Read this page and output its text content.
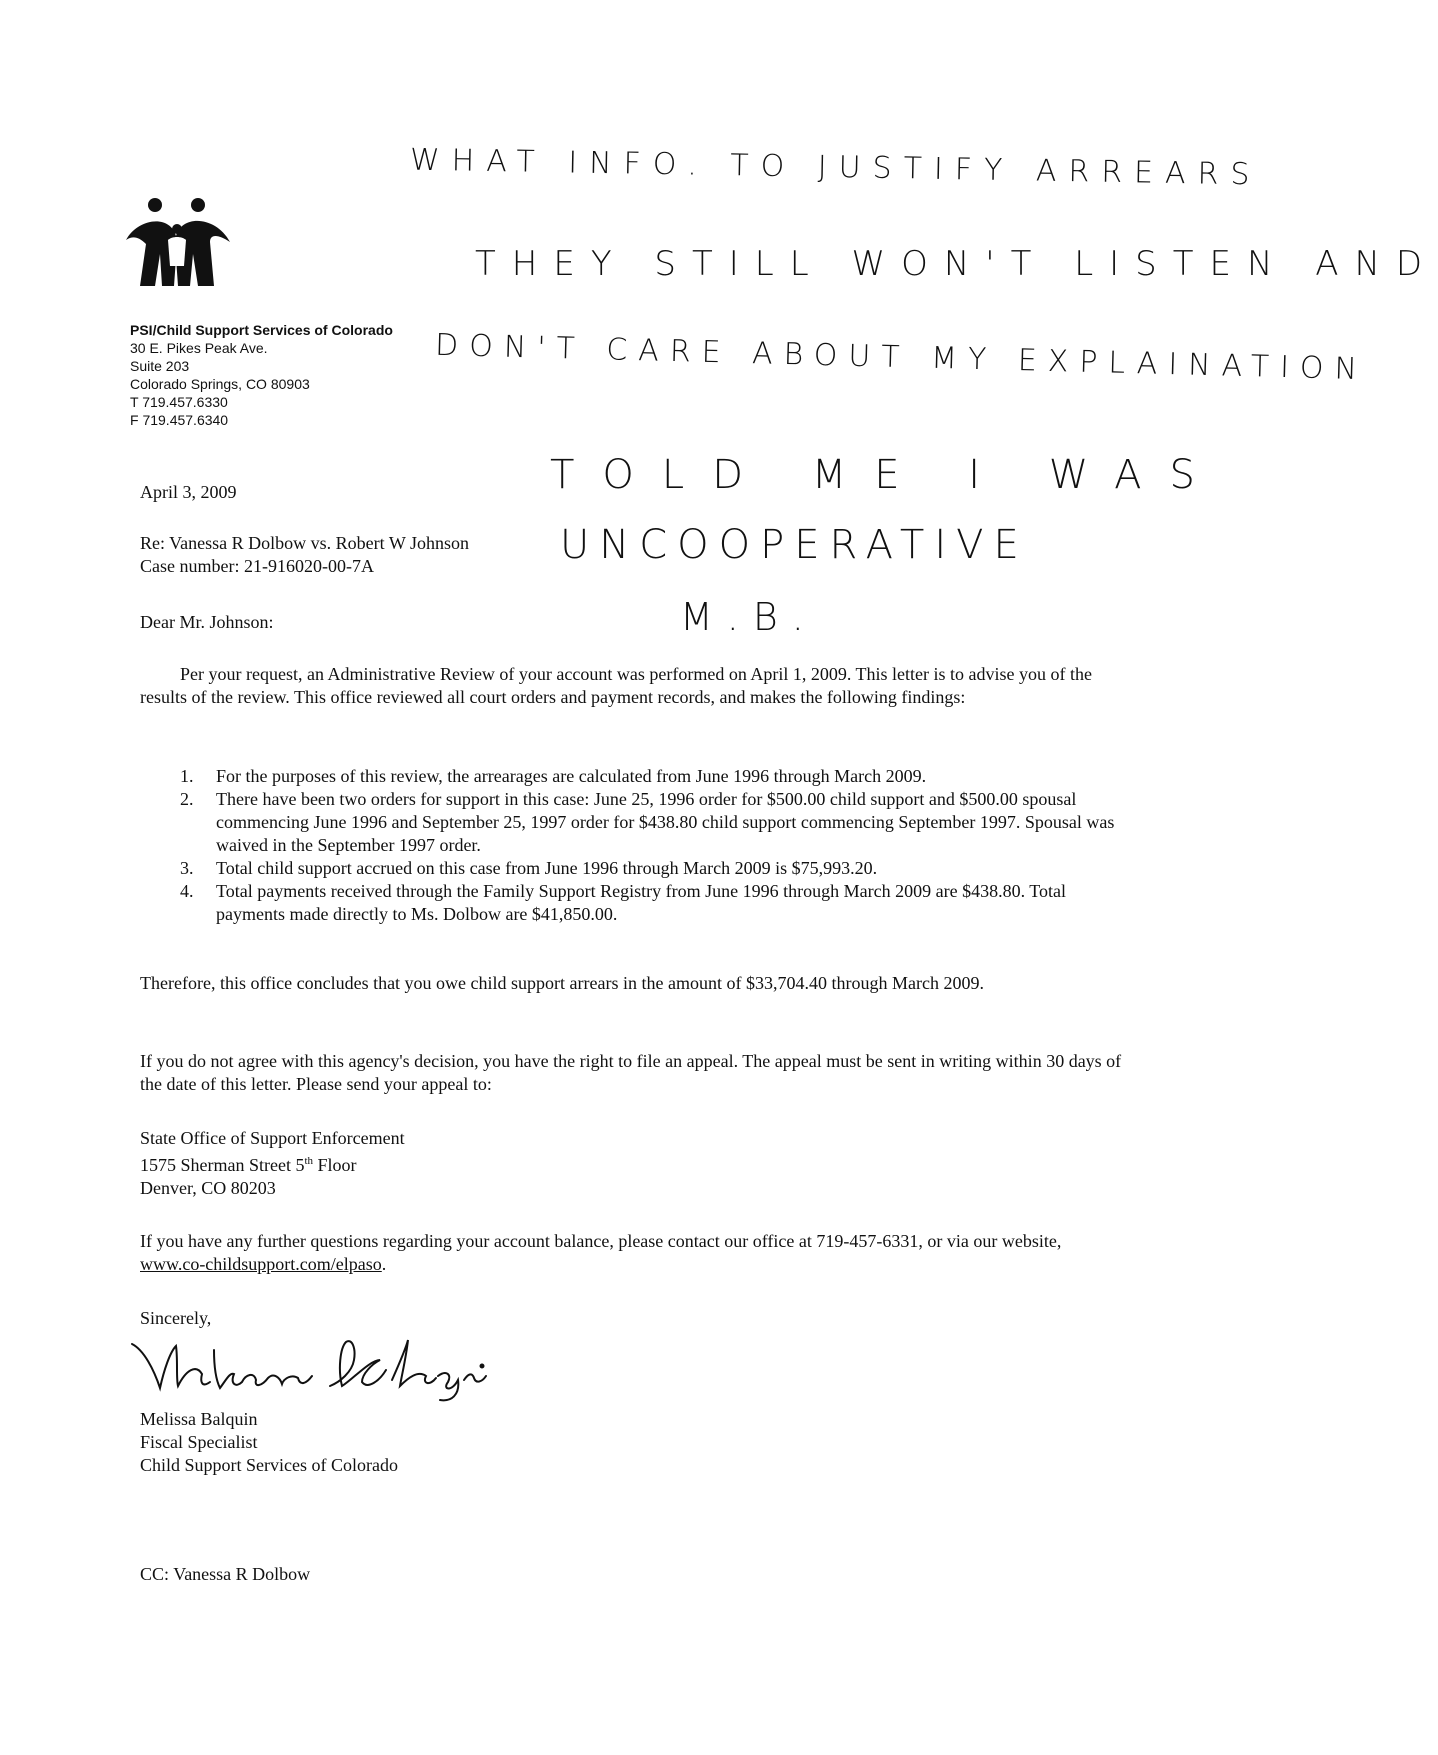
WHAT INFO. TO JUSTIFY ARREARS
THEY STILL WON'T LISTEN AND
DON'T CARE ABOUT MY EXPLAINATION
TOLD ME I WAS
UNCOOPERATIVE
M.B.
PSI/Child Support Services of Colorado
30 E. Pikes Peak Ave.
Suite 203
Colorado Springs, CO 80903
T 719.457.6330
F 719.457.6340
April 3, 2009
Re: Vanessa R Dolbow vs. Robert W Johnson
Case number: 21-916020-00-7A
Dear Mr. Johnson:
Per your request, an Administrative Review of your account was performed on April 1, 2009. This letter is to advise you of the results of the review. This office reviewed all court orders and payment records, and makes the following findings:
1. For the purposes of this review, the arrearages are calculated from June 1996 through March 2009.
2. There have been two orders for support in this case: June 25, 1996 order for $500.00 child support and $500.00 spousal commencing June 1996 and September 25, 1997 order for $438.80 child support commencing September 1997. Spousal was waived in the September 1997 order.
3. Total child support accrued on this case from June 1996 through March 2009 is $75,993.20.
4. Total payments received through the Family Support Registry from June 1996 through March 2009 are $438.80. Total payments made directly to Ms. Dolbow are $41,850.00.
Therefore, this office concludes that you owe child support arrears in the amount of $33,704.40 through March 2009.
If you do not agree with this agency's decision, you have the right to file an appeal. The appeal must be sent in writing within 30 days of the date of this letter. Please send your appeal to:
State Office of Support Enforcement
1575 Sherman Street 5th Floor
Denver, CO 80203
If you have any further questions regarding your account balance, please contact our office at 719-457-6331, or via our website, www.co-childsupport.com/elpaso.
Sincerely,
Melissa Balquin
Fiscal Specialist
Child Support Services of Colorado
CC: Vanessa R Dolbow
